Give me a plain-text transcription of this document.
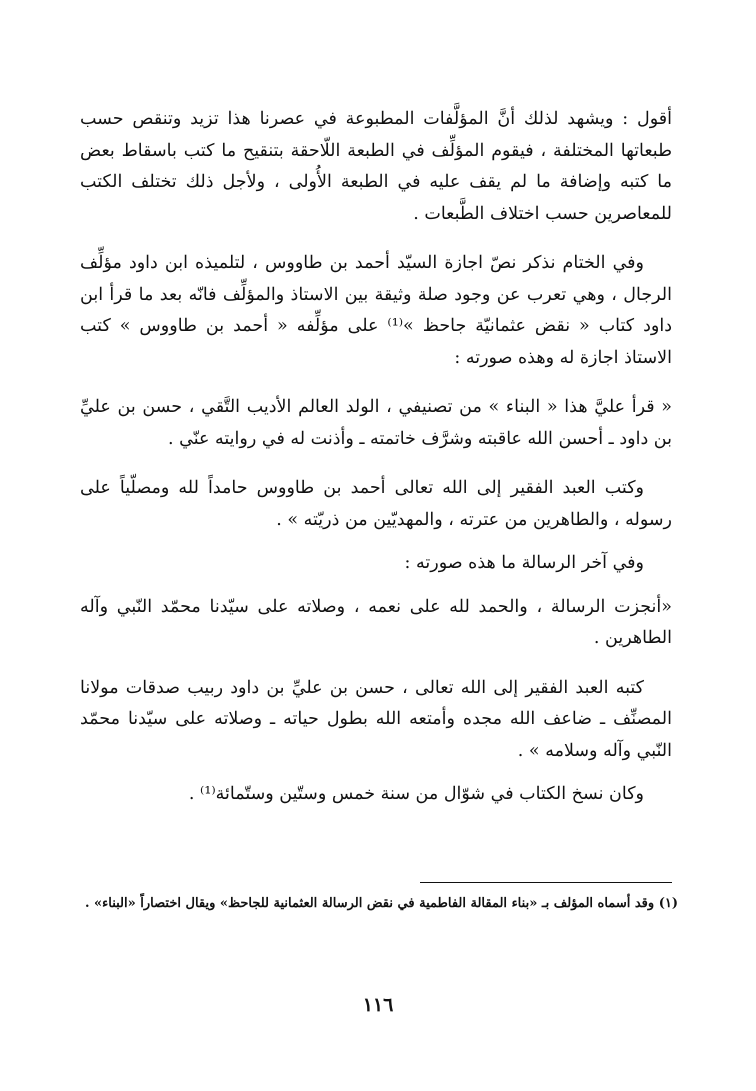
أقول : ويشهد لذلك أنَّ المؤلَّفات المطبوعة في عصرنا هذا تزيد وتنقص حسب طبعاتها المختلفة ، فيقوم المؤلِّف في الطبعة اللّاحقة بتنقيح ما كتب باسقاط بعض ما كتبه وإضافة ما لم يقف عليه في الطبعة الأُولى ، ولأجل ذلك تختلف الكتب للمعاصرين حسب اختلاف الطَّبعات .

وفي الختام نذكر نصّ اجازة السيّد أحمد بن طاووس ، لتلميذه ابن داود مؤلِّف الرجال ، وهي تعرب عن وجود صلة وثيقة بين الاستاذ والمؤلِّف فانّه بعد ما قرأ ابن داود كتاب « نقض عثمانيّة جاحظ »⁽¹⁾ على مؤلِّفه « أحمد بن طاووس » كتب الاستاذ اجازة له وهذه صورته :

« قرأ عليَّ هذا « البناء » من تصنيفي ، الولد العالم الأديب التَّقي ، حسن بن عليِّ بن داود ـ أحسن الله عاقبته وشرَّف خاتمته ـ وأذنت له في روايته عنّي .

وكتب العبد الفقير إلى الله تعالى أحمد بن طاووس حامداً لله ومصلّياً على رسوله ، والطاهرين من عترته ، والمهديّين من ذريّته » .

وفي آخر الرسالة ما هذه صورته :

«أنجزت الرسالة ، والحمد لله على نعمه ، وصلاته على سيّدنا محمّد النّبي وآله الطاهرين .

كتبه العبد الفقير إلى الله تعالى ، حسن بن عليِّ بن داود ربيب صدقات مولانا المصنِّف ـ ضاعف الله مجده وأمتعه الله بطول حياته ـ وصلاته على سيّدنا محمّد النّبي وآله وسلامه » .

وكان نسخ الكتاب في شوّال من سنة خمس وستّين وستّمائة⁽¹⁾ .

(١) وقد أسماه المؤلف بـ «بناء المقالة الفاطمية في نقض الرسالة العثمانية للجاحظ» ويقال اختصاراً «البناء» .

١١٦
